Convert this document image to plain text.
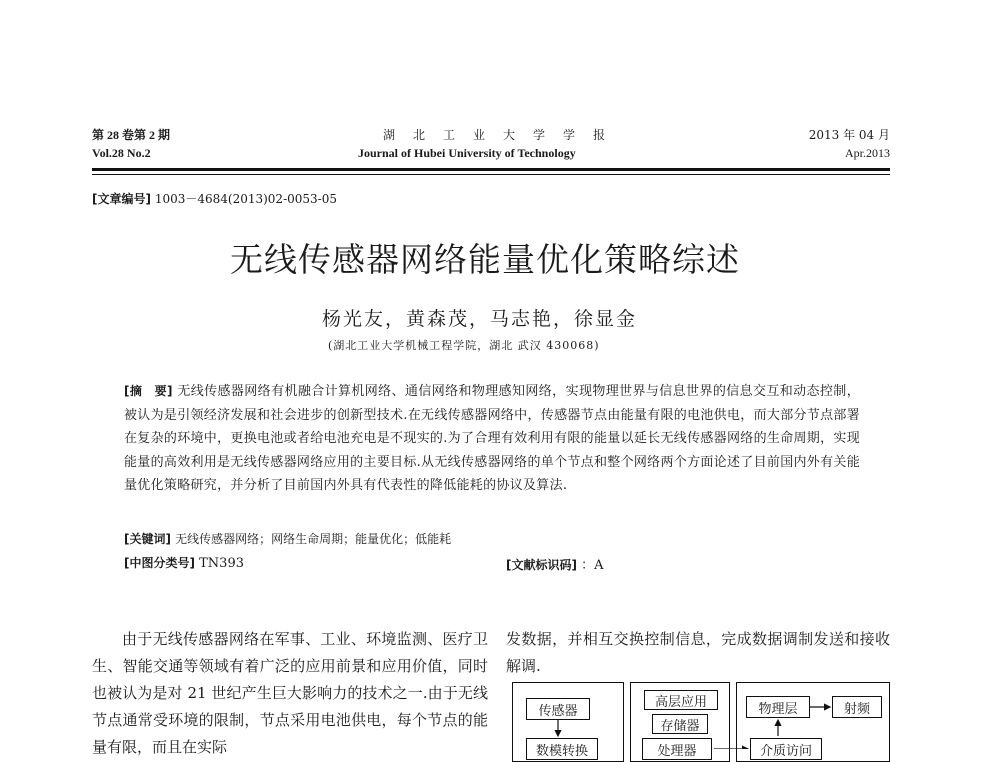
第 28 卷第 2 期
Vol.28 No.2
湖　北　工　业　大　学　学　报
Journal of Hubei University of Technology
2013 年 04 月
Apr.2013
[文章编号] 1003－4684(2013)02-0053-05
无线传感器网络能量优化策略综述
杨光友，黄森茂，马志艳，徐显金
(湖北工业大学机械工程学院，湖北 武汉 430068)
[摘　要] 无线传感器网络有机融合计算机网络、通信网络和物理感知网络，实现物理世界与信息世界的信息交互和动态控制，被认为是引领经济发展和社会进步的创新型技术.在无线传感器网络中，传感器节点由能量有限的电池供电，而大部分节点部署在复杂的环境中，更换电池或者给电池充电是不现实的.为了合理有效利用有限的能量以延长无线传感器网络的生命周期，实现能量的高效利用是无线传感器网络应用的主要目标.从无线传感器网络的单个节点和整个网络两个方面论述了目前国内外有关能量优化策略研究，并分析了目前国内外具有代表性的降低能耗的协议及算法.
[关键词] 无线传感器网络；网络生命周期；能量优化；低能耗
[中图分类号] TN393	[文献标识码] ：A
由于无线传感器网络在军事、工业、环境监测、医疗卫生、智能交通等领域有着广泛的应用前景和应用价值，同时也被认为是对 21 世纪产生巨大影响力的技术之一.由于无线节点通常受环境的限制，节点采用电池供电，每个节点的能量有限，而且在实际
发数据，并相互交换控制信息，完成数据调制发送和接收解调.
传感器
高层应用
存储器
物理层	射频
数模转换	处理器	介质访问
